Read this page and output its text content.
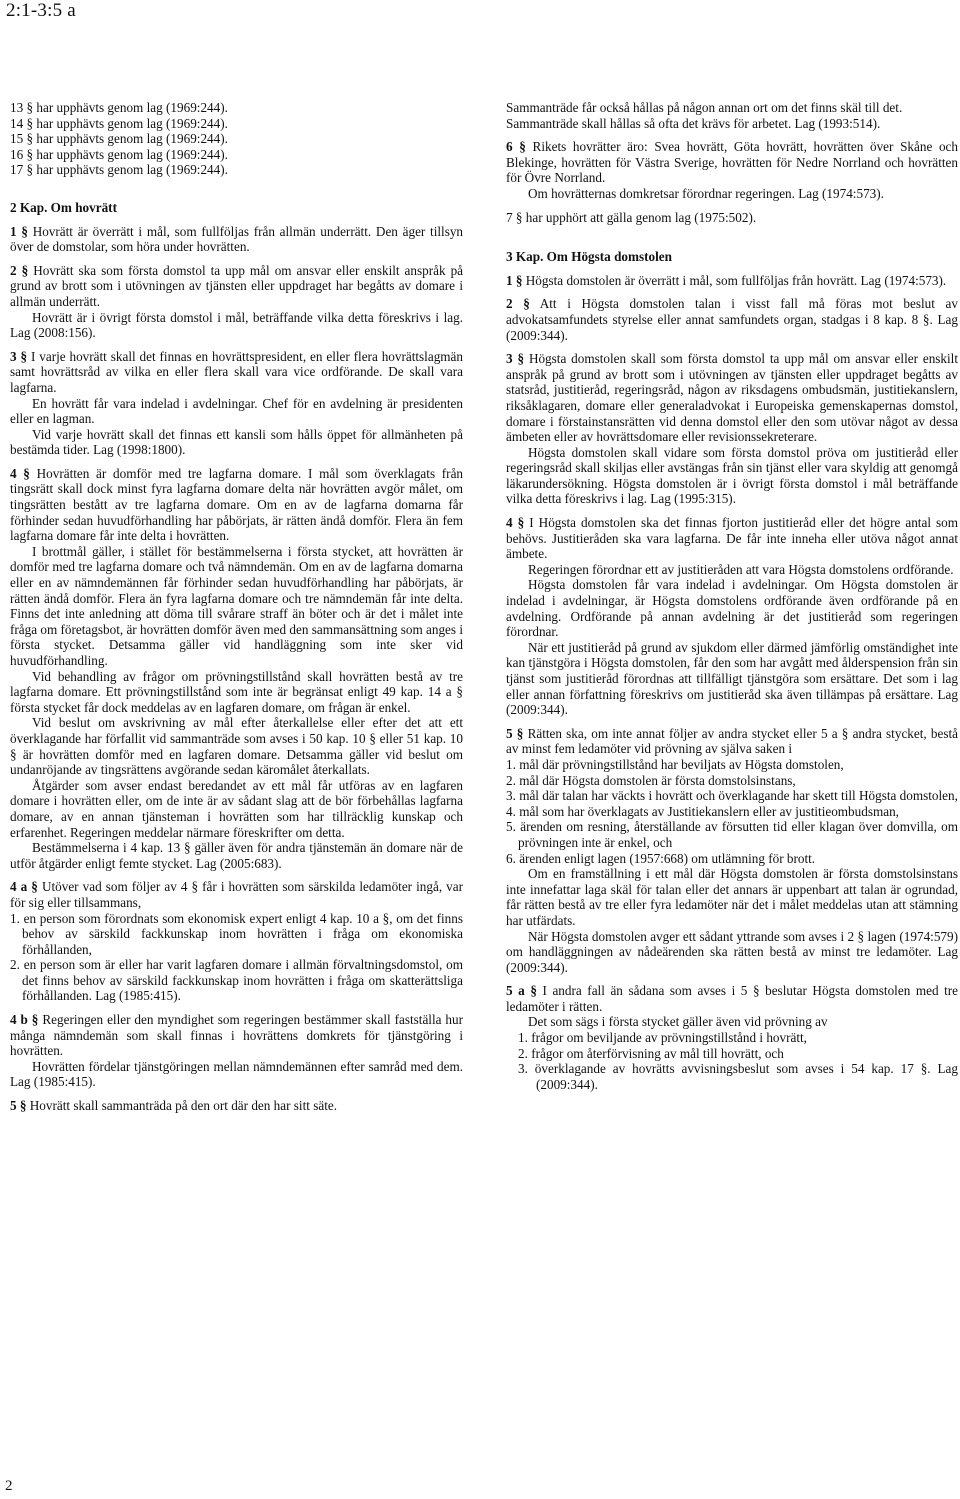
2:1-3:5 a

13 § har upphävts genom lag (1969:244).

14 § har upphävts genom lag (1969:244).

15 § har upphävts genom lag (1969:244).

16 § har upphävts genom lag (1969:244).

17 § har upphävts genom lag (1969:244).

2 Kap. Om hovrätt

1 § Hovrätt är överrätt i mål, som fullföljas från allmän underrätt. Den äger tillsyn över de domstolar, som höra under hovrätten.

2 § Hovrätt ska som första domstol ta upp mål om ansvar eller enskilt anspråk på grund av brott som i utövningen av tjänsten eller uppdraget har begåtts av domare i allmän underrätt.

Hovrätt är i övrigt första domstol i mål, beträffande vilka detta föreskrivs i lag. Lag (2008:156).

3 § I varje hovrätt skall det finnas en hovrättspresident, en eller flera hovrättslagmän samt hovrättsråd av vilka en eller flera skall vara vice ordförande. De skall vara lagfarna.

En hovrätt får vara indelad i avdelningar. Chef för en avdelning är presidenten eller en lagman.

Vid varje hovrätt skall det finnas ett kansli som hålls öppet för allmänheten på bestämda tider. Lag (1998:1800).

4 § Hovrätten är domför med tre lagfarna domare. I mål som överklagats från tingsrätt skall dock minst fyra lagfarna domare delta när hovrätten avgör målet, om tingsrätten bestått av tre lagfarna domare. Om en av de lagfarna domarna får förhinder sedan huvudförhandling har påbörjats, är rätten ändå domför. Flera än fem lagfarna domare får inte delta i hovrätten.

I brottmål gäller, i stället för bestämmelserna i första stycket, att hovrätten är domför med tre lagfarna domare och två nämndemän. Om en av de lagfarna domarna eller en av nämndemännen får förhinder sedan huvudförhandling har påbörjats, är rätten ändå domför. Flera än fyra lagfarna domare och tre nämndemän får inte delta. Finns det inte anledning att döma till svårare straff än böter och är det i målet inte fråga om företagsbot, är hovrätten domför även med den sammansättning som anges i första stycket. Detsamma gäller vid handläggning som inte sker vid huvudförhandling.

Vid behandling av frågor om prövningstillstånd skall hovrätten bestå av tre lagfarna domare. Ett prövningstillstånd som inte är begränsat enligt 49 kap. 14 a § första stycket får dock meddelas av en lagfaren domare, om frågan är enkel.

Vid beslut om avskrivning av mål efter återkallelse eller efter det att ett överklagande har förfallit vid sammanträde som avses i 50 kap. 10 § eller 51 kap. 10 § är hovrätten domför med en lagfaren domare. Detsamma gäller vid beslut om undanröjande av tingsrättens avgörande sedan käromålet återkallats.

Åtgärder som avser endast beredandet av ett mål får utföras av en lagfaren domare i hovrätten eller, om de inte är av sådant slag att de bör förbehållas lagfarna domare, av en annan tjänsteman i hovrätten som har tillräcklig kunskap och erfarenhet. Regeringen meddelar närmare föreskrifter om detta.

Bestämmelserna i 4 kap. 13 § gäller även för andra tjänstemän än domare när de utför åtgärder enligt femte stycket. Lag (2005:683).

4 a § Utöver vad som följer av 4 § får i hovrätten som särskilda ledamöter ingå, var för sig eller tillsammans,

1. en person som förordnats som ekonomisk expert enligt 4 kap. 10 a §, om det finns behov av särskild fackkunskap inom hovrätten i fråga om ekonomiska förhållanden,

2. en person som är eller har varit lagfaren domare i allmän förvaltningsdomstol, om det finns behov av särskild fackkunskap inom hovrätten i fråga om skatterättsliga förhållanden. Lag (1985:415).

4 b § Regeringen eller den myndighet som regeringen bestämmer skall fastställa hur många nämndemän som skall finnas i hovrättens domkrets för tjänstgöring i hovrätten.

Hovrätten fördelar tjänstgöringen mellan nämndemännen efter samråd med dem. Lag (1985:415).

5 § Hovrätt skall sammanträda på den ort där den har sitt säte.

Sammanträde får också hållas på någon annan ort om det finns skäl till det.

Sammanträde skall hållas så ofta det krävs för arbetet. Lag (1993:514).

6 § Rikets hovrätter äro: Svea hovrätt, Göta hovrätt, hovrätten över Skåne och Blekinge, hovrätten för Västra Sverige, hovrätten för Nedre Norrland och hovrätten för Övre Norrland.

Om hovrätternas domkretsar förordnar regeringen. Lag (1974:573).

7 § har upphört att gälla genom lag (1975:502).

3 Kap. Om Högsta domstolen

1 § Högsta domstolen är överrätt i mål, som fullföljas från hovrätt. Lag (1974:573).

2 § Att i Högsta domstolen talan i visst fall må föras mot beslut av advokatsamfundets styrelse eller annat samfundets organ, stadgas i 8 kap. 8 §. Lag (2009:344).

3 § Högsta domstolen skall som första domstol ta upp mål om ansvar eller enskilt anspråk på grund av brott som i utövningen av tjänsten eller uppdraget begåtts av statsråd, justitieråd, regeringsråd, någon av riksdagens ombudsmän, justitiekanslern, riksåklagaren, domare eller generaladvokat i Europeiska gemenskapernas domstol, domare i förstainstansrätten vid denna domstol eller den som utövar något av dessa ämbeten eller av hovrättsdomare eller revisionssekreterare.

Högsta domstolen skall vidare som första domstol pröva om justitieråd eller regeringsråd skall skiljas eller avstängas från sin tjänst eller vara skyldig att genomgå läkarundersökning. Högsta domstolen är i övrigt första domstol i mål beträffande vilka detta föreskrivs i lag. Lag (1995:315).

4 § I Högsta domstolen ska det finnas fjorton justitieråd eller det högre antal som behövs. Justitieråden ska vara lagfarna. De får inte inneha eller utöva något annat ämbete.

Regeringen förordnar ett av justitieråden att vara Högsta domstolens ordförande.

Högsta domstolen får vara indelad i avdelningar. Om Högsta domstolen är indelad i avdelningar, är Högsta domstolens ordförande även ordförande på en avdelning. Ordförande på annan avdelning är det justitieråd som regeringen förordnar.

När ett justitieråd på grund av sjukdom eller därmed jämförlig omständighet inte kan tjänstgöra i Högsta domstolen, får den som har avgått med ålderspension från sin tjänst som justitieråd förordnas att tillfälligt tjänstgöra som ersättare. Det som i lag eller annan författning föreskrivs om justitieråd ska även tillämpas på ersättare. Lag (2009:344).

5 § Rätten ska, om inte annat följer av andra stycket eller 5 a § andra stycket, bestå av minst fem ledamöter vid prövning av själva saken i

1. mål där prövningstillstånd har beviljats av Högsta domstolen,

2. mål där Högsta domstolen är första domstolsinstans,

3. mål där talan har väckts i hovrätt och överklagande har skett till Högsta domstolen,

4. mål som har överklagats av Justitiekanslern eller av justitieombudsman,

5. ärenden om resning, återställande av försutten tid eller klagan över domvilla, om prövningen inte är enkel, och

6. ärenden enligt lagen (1957:668) om utlämning för brott.

Om en framställning i ett mål där Högsta domstolen är första domstolsinstans inte innefattar laga skäl för talan eller det annars är uppenbart att talan är ogrundad, får rätten bestå av tre eller fyra ledamöter när det i målet meddelas utan att stämning har utfärdats.

När Högsta domstolen avger ett sådant yttrande som avses i 2 § lagen (1974:579) om handläggningen av nådeärenden ska rätten bestå av minst tre ledamöter. Lag (2009:344).

5 a § I andra fall än sådana som avses i 5 § beslutar Högsta domstolen med tre ledamöter i rätten.

Det som sägs i första stycket gäller även vid prövning av

1. frågor om beviljande av prövningstillstånd i hovrätt,

2. frågor om återförvisning av mål till hovrätt, och

3. överklagande av hovrätts avvisningsbeslut som avses i 54 kap. 17 §. Lag (2009:344).

2
